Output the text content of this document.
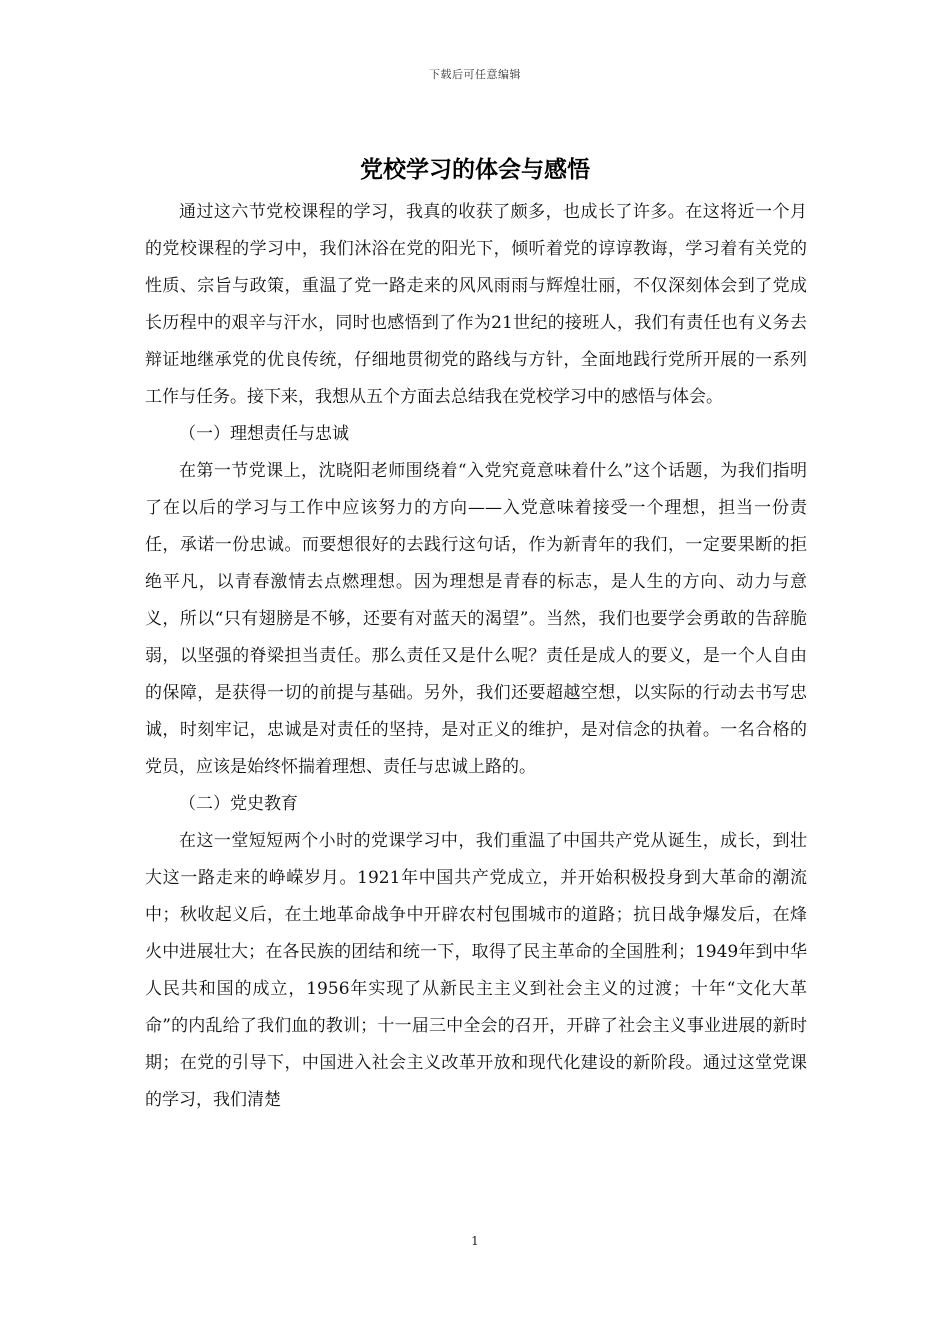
下载后可任意编辑
党校学习的体会与感悟

通过这六节党校课程的学习，我真的收获了颇多，也成长了许多。在这将近一个月的党校课程的学习中，我们沐浴在党的阳光下，倾听着党的谆谆教诲，学习着有关党的性质、宗旨与政策，重温了党一路走来的风风雨雨与辉煌壮丽，不仅深刻体会到了党成长历程中的艰辛与汗水，同时也感悟到了作为21世纪的接班人，我们有责任也有义务去辩证地继承党的优良传统，仔细地贯彻党的路线与方针，全面地践行党所开展的一系列工作与任务。接下来，我想从五个方面去总结我在党校学习中的感悟与体会。

（一）理想责任与忠诚

在第一节党课上，沈晓阳老师围绕着“入党究竟意味着什么”这个话题，为我们指明了在以后的学习与工作中应该努力的方向——入党意味着接受一个理想，担当一份责任，承诺一份忠诚。而要想很好的去践行这句话，作为新青年的我们，一定要果断的拒绝平凡，以青春激情去点燃理想。因为理想是青春的标志，是人生的方向、动力与意义，所以“只有翅膀是不够，还要有对蓝天的渴望”。当然，我们也要学会勇敢的告辞脆弱，以坚强的脊梁担当责任。那么责任又是什么呢？责任是成人的要义，是一个人自由的保障，是获得一切的前提与基础。另外，我们还要超越空想，以实际的行动去书写忠诚，时刻牢记，忠诚是对责任的坚持，是对正义的维护，是对信念的执着。一名合格的党员，应该是始终怀揣着理想、责任与忠诚上路的。

（二）党史教育

在这一堂短短两个小时的党课学习中，我们重温了中国共产党从诞生，成长，到壮大这一路走来的峥嵘岁月。1921年中国共产党成立，并开始积极投身到大革命的潮流中；秋收起义后，在土地革命战争中开辟农村包围城市的道路；抗日战争爆发后，在烽火中进展壮大；在各民族的团结和统一下，取得了民主革命的全国胜利；1949年到中华人民共和国的成立，1956年实现了从新民主主义到社会主义的过渡；十年“文化大革命”的内乱给了我们血的教训；十一届三中全会的召开，开辟了社会主义事业进展的新时期；在党的引导下，中国进入社会主义改革开放和现代化建设的新阶段。通过这堂党课的学习，我们清楚

1
